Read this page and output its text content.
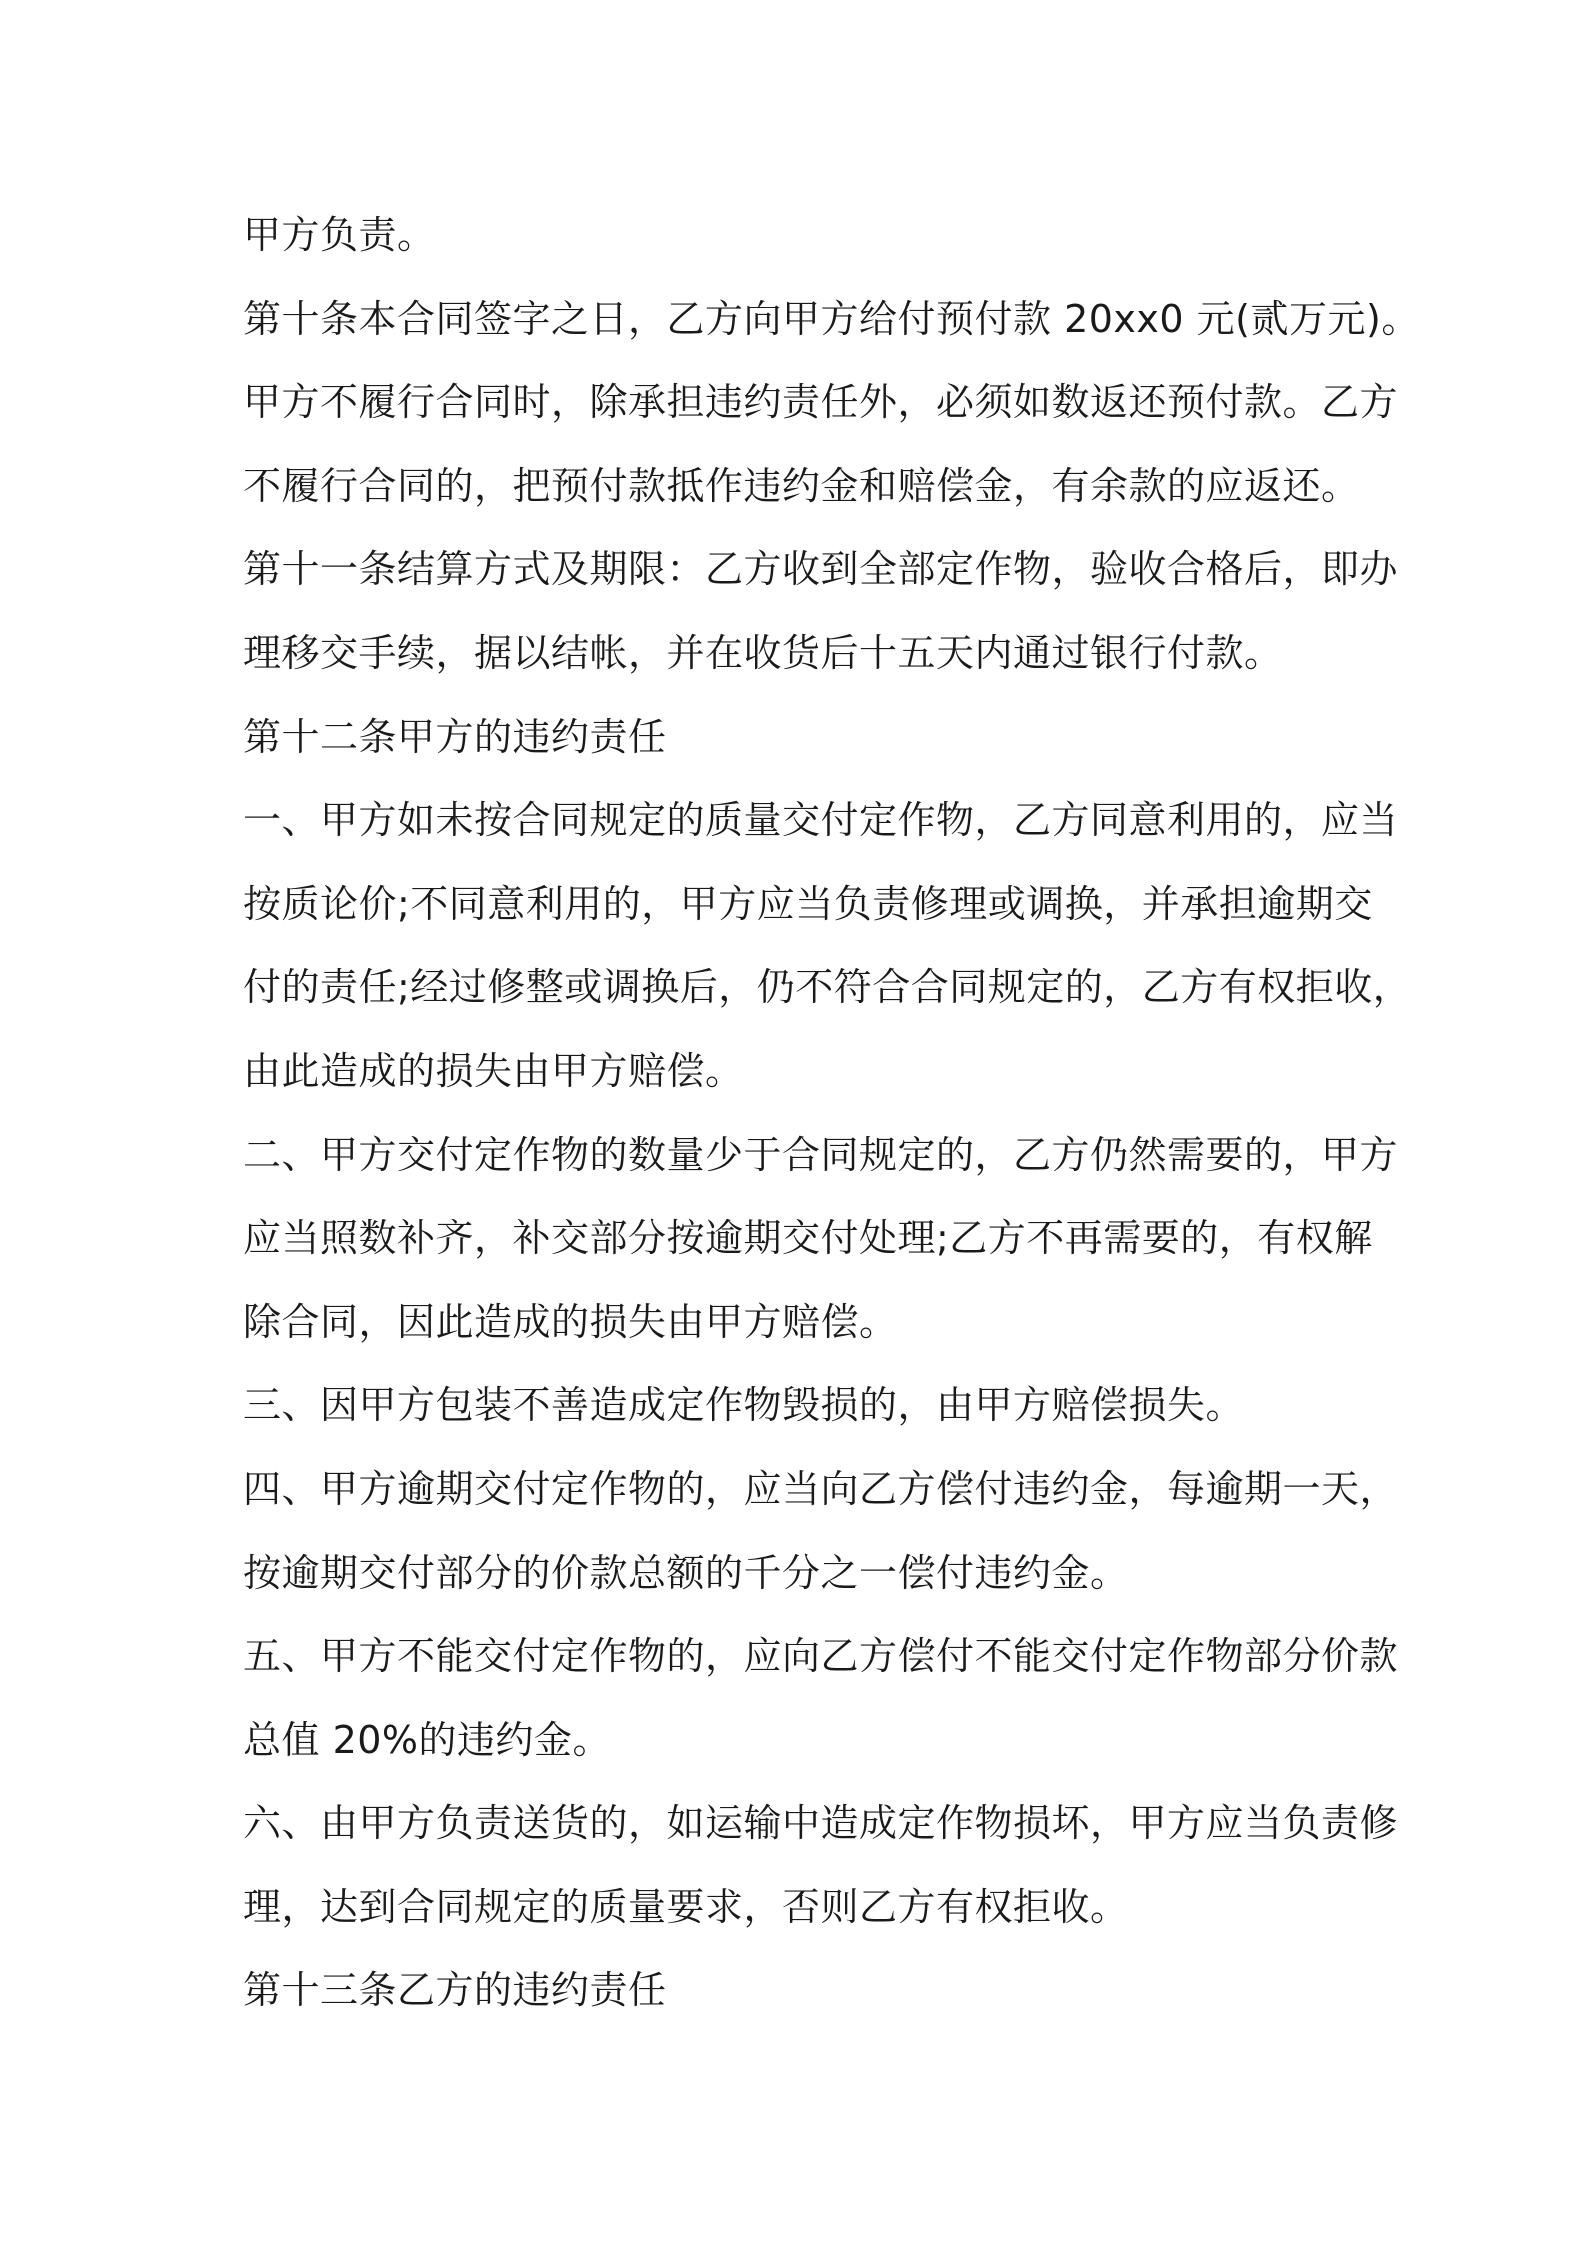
甲方负责。
第十条本合同签字之日，乙方向甲方给付预付款 20xx0 元(贰万元)。
甲方不履行合同时，除承担违约责任外，必须如数返还预付款。乙方
不履行合同的，把预付款抵作违约金和赔偿金，有余款的应返还。
第十一条结算方式及期限：乙方收到全部定作物，验收合格后，即办
理移交手续，据以结帐，并在收货后十五天内通过银行付款。
第十二条甲方的违约责任
一、甲方如未按合同规定的质量交付定作物，乙方同意利用的，应当
按质论价;不同意利用的，甲方应当负责修理或调换，并承担逾期交
付的责任;经过修整或调换后，仍不符合合同规定的，乙方有权拒收，
由此造成的损失由甲方赔偿。
二、甲方交付定作物的数量少于合同规定的，乙方仍然需要的，甲方
应当照数补齐，补交部分按逾期交付处理;乙方不再需要的，有权解
除合同，因此造成的损失由甲方赔偿。
三、因甲方包装不善造成定作物毁损的，由甲方赔偿损失。
四、甲方逾期交付定作物的，应当向乙方偿付违约金，每逾期一天，
按逾期交付部分的价款总额的千分之一偿付违约金。
五、甲方不能交付定作物的，应向乙方偿付不能交付定作物部分价款
总值 20%的违约金。
六、由甲方负责送货的，如运输中造成定作物损坏，甲方应当负责修
理，达到合同规定的质量要求，否则乙方有权拒收。
第十三条乙方的违约责任
